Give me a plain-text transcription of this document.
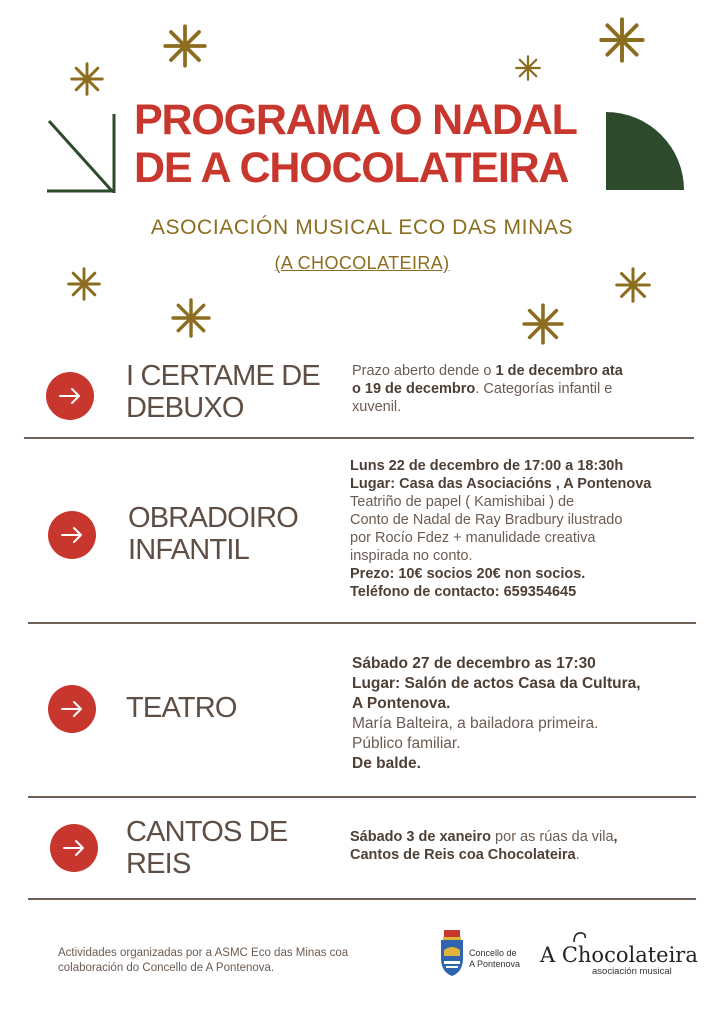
PROGRAMA O NADAL
DE A CHOCOLATEIRA
ASOCIACIÓN MUSICAL ECO DAS MINAS
(A CHOCOLATEIRA)
I CERTAME DE
DEBUXO
Prazo aberto dende o 1 de decembro ata
o 19 de decembro. Categorías infantil e
xuvenil.
OBRADOIRO
INFANTIL
Luns 22 de decembro de 17:00 a 18:30h
Lugar: Casa das Asociacións , A Pontenova
Teatriño de papel ( Kamishibai ) de
Conto de Nadal de Ray Bradbury ilustrado
por Rocío Fdez + manulidade creativa
inspirada no conto.
Prezo: 10€ socios 20€ non socios.
Teléfono de contacto: 659354645
TEATRO
Sábado 27 de decembro as 17:30
Lugar: Salón de actos Casa da Cultura,
A Pontenova.
María Balteira, a bailadora primeira.
Público familiar.
De balde.
CANTOS DE
REIS
Sábado 3 de xaneiro por as rúas da vila,
Cantos de Reis coa Chocolateira.
Actividades organizadas por a ASMC Eco das Minas coa
colaboración do Concello de A Pontenova.
Concello de
A Pontenova A Chocolateira
asociación musical
